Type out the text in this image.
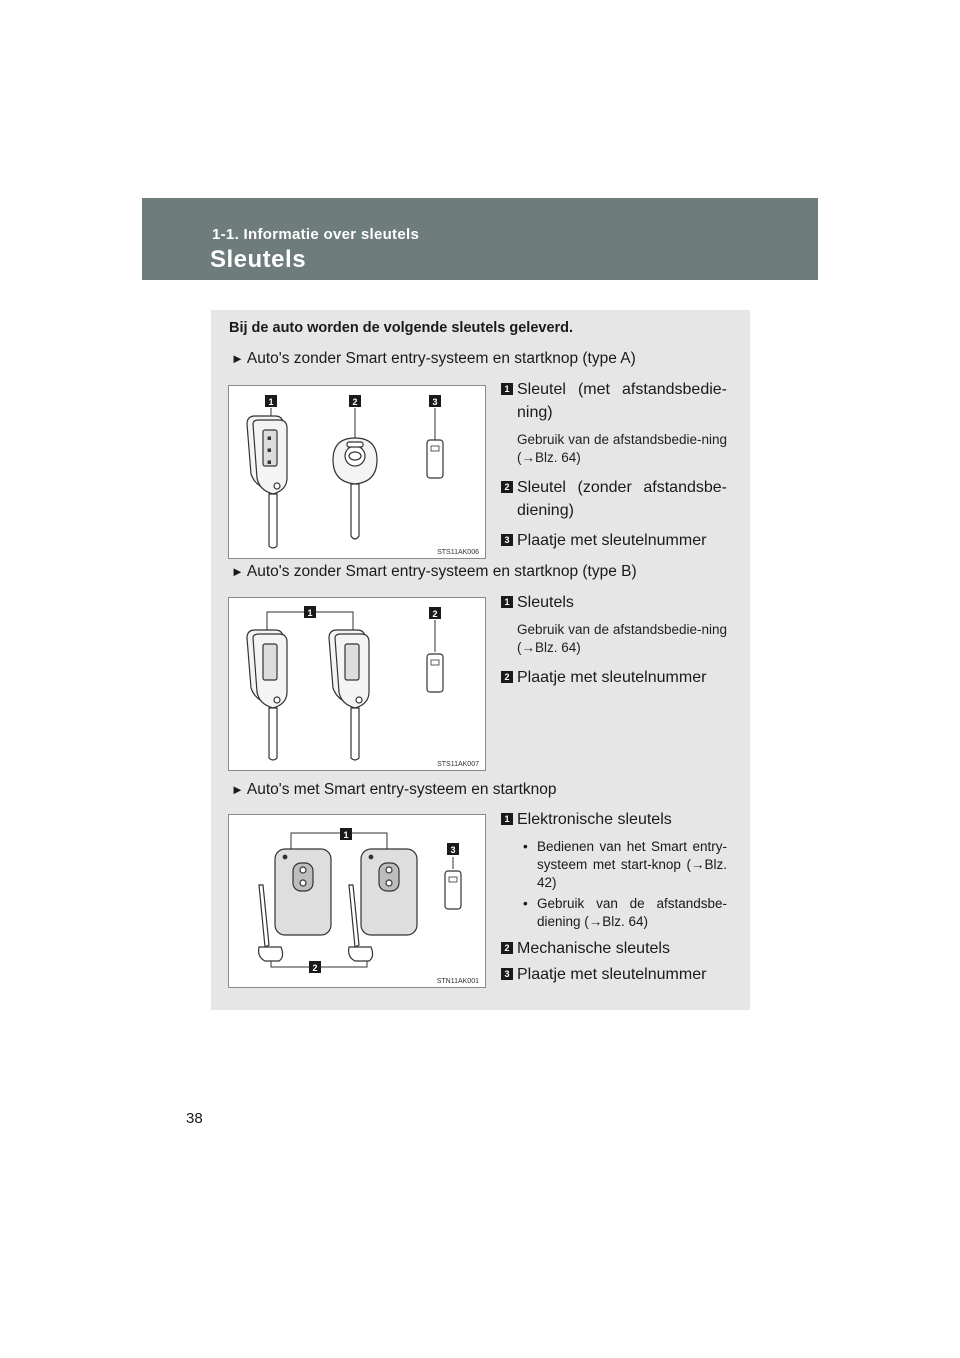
1-1. Informatie over sleutels
Sleutels
Bij de auto worden de volgende sleutels geleverd.
► Auto's zonder Smart entry-systeem en startknop (type A)
1	2	3
▪
▪
▪
STS11AK006
1 Sleutel (met afstandsbedie-ning)
Gebruik van de afstandsbedie-ning (→Blz. 64)
2 Sleutel (zonder afstandsbe-diening)
3 Plaatje met sleutelnummer
► Auto's zonder Smart entry-systeem en startknop (type B)
1	2
STS11AK007
1 Sleutels
Gebruik van de afstandsbedie-ning (→Blz. 64)
2 Plaatje met sleutelnummer
► Auto's met Smart entry-systeem en startknop
1
2
3
STN11AK001
1 Elektronische sleutels
• Bedienen van het Smart entry-systeem met start-knop (→Blz. 42)
• Gebruik van de afstandsbe-diening (→Blz. 64)
2 Mechanische sleutels
3 Plaatje met sleutelnummer
38
